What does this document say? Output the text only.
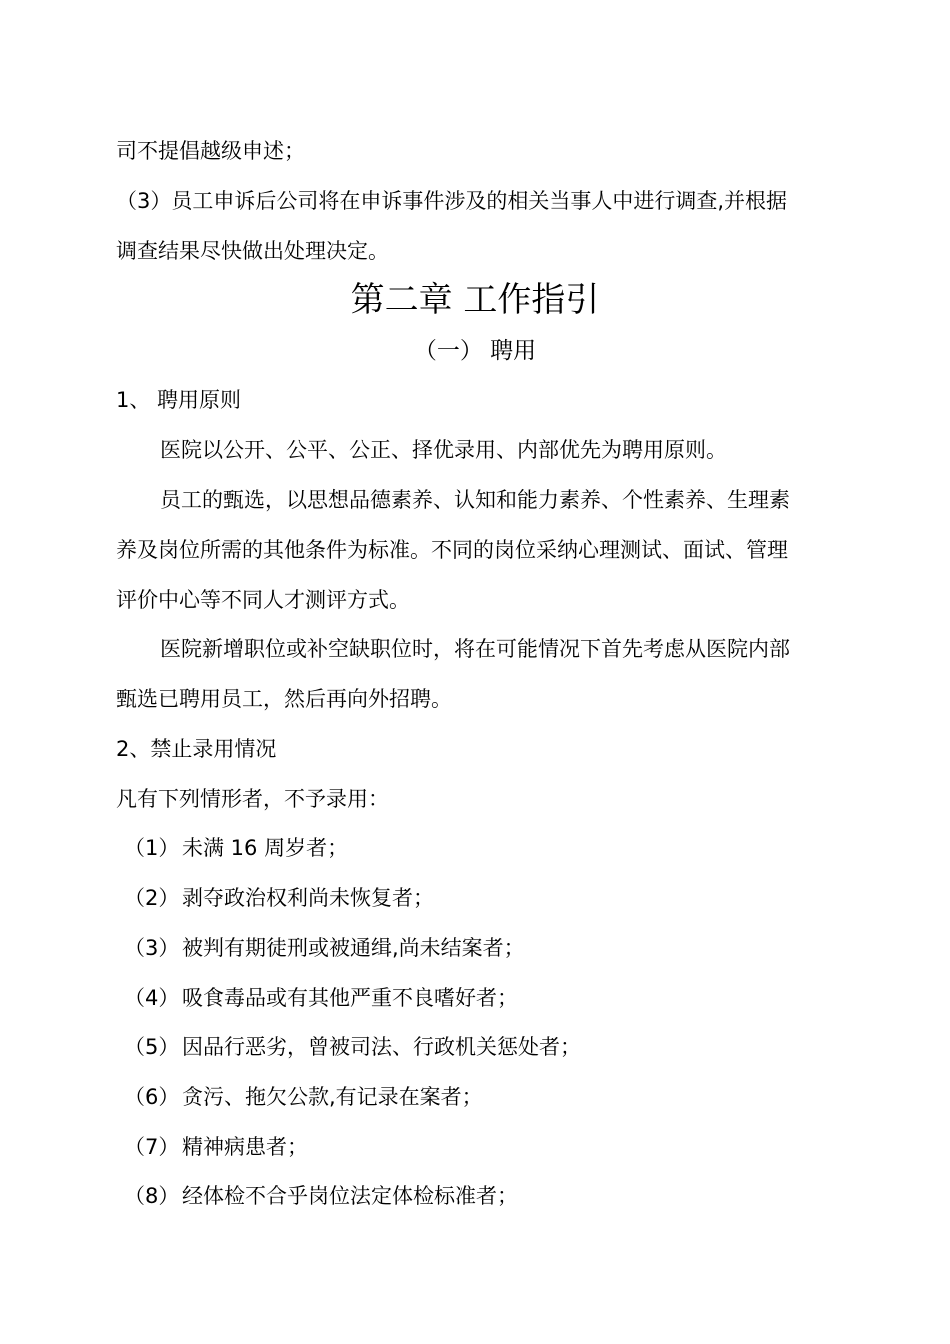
司不提倡越级申述；
（3）员工申诉后公司将在申诉事件涉及的相关当事人中进行调查,并根据
调查结果尽快做出处理决定。
第二章 工作指引
（一） 聘用
1、 聘用原则
医院以公开、公平、公正、择优录用、内部优先为聘用原则。
员工的甄选，以思想品德素养、认知和能力素养、个性素养、生理素
养及岗位所需的其他条件为标准。不同的岗位采纳心理测试、面试、管理
评价中心等不同人才测评方式。
医院新增职位或补空缺职位时，将在可能情况下首先考虑从医院内部
甄选已聘用员工，然后再向外招聘。
2、禁止录用情况
凡有下列情形者，不予录用：
（1） 未满 16 周岁者；
（2） 剥夺政治权利尚未恢复者；
（3） 被判有期徒刑或被通缉,尚未结案者；
（4） 吸食毒品或有其他严重不良嗜好者；
（5） 因品行恶劣，曾被司法、行政机关惩处者；
（6） 贪污、拖欠公款,有记录在案者；
（7） 精神病患者；
（8） 经体检不合乎岗位法定体检标准者；
